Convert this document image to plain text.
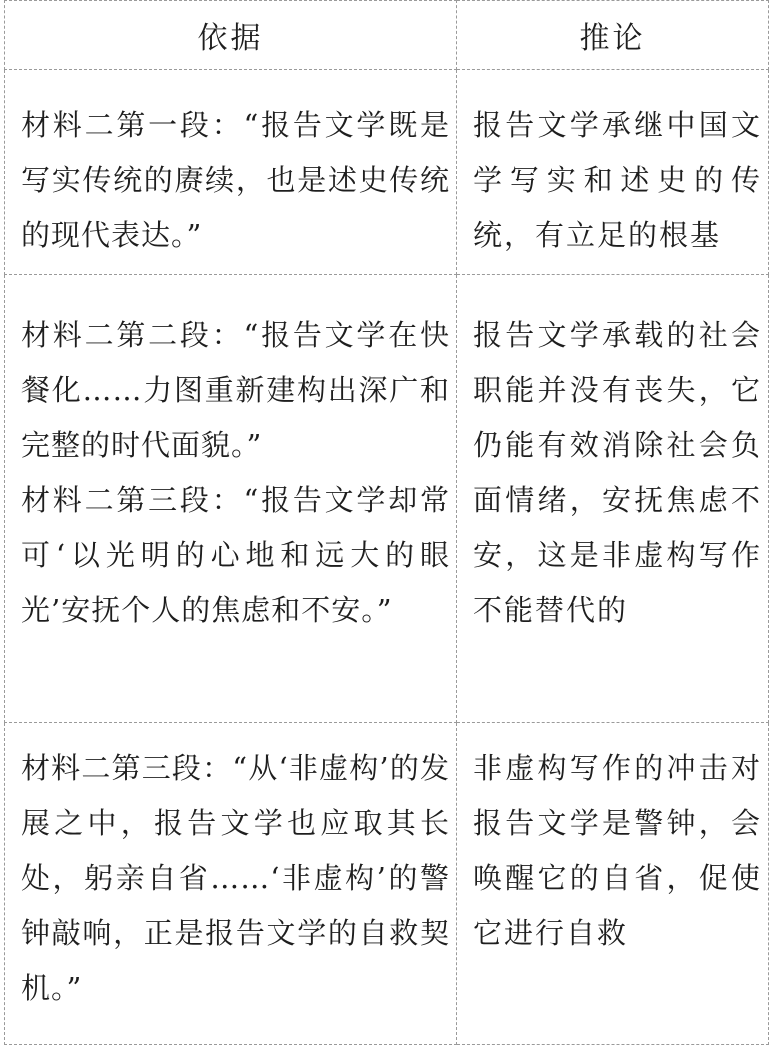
依据	推论

材料二第一段：“报告文学既是写实传统的赓续，也是述史传统的现代表达。”	报告文学承继中国文学写实和述史的传统，有立足的根基

材料二第二段：“报告文学在快餐化……力图重新建构出深广和完整的时代面貌。”
材料二第三段：“报告文学却常可‘以光明的心地和远大的眼光’安抚个人的焦虑和不安。”	报告文学承载的社会职能并没有丧失，它仍能有效消除社会负面情绪，安抚焦虑不安，这是非虚构写作不能替代的

材料二第三段：“从‘非虚构’的发展之中，报告文学也应取其长处，躬亲自省……‘非虚构’的警钟敲响，正是报告文学的自救契机。”	非虚构写作的冲击对报告文学是警钟，会唤醒它的自省，促使它进行自救
